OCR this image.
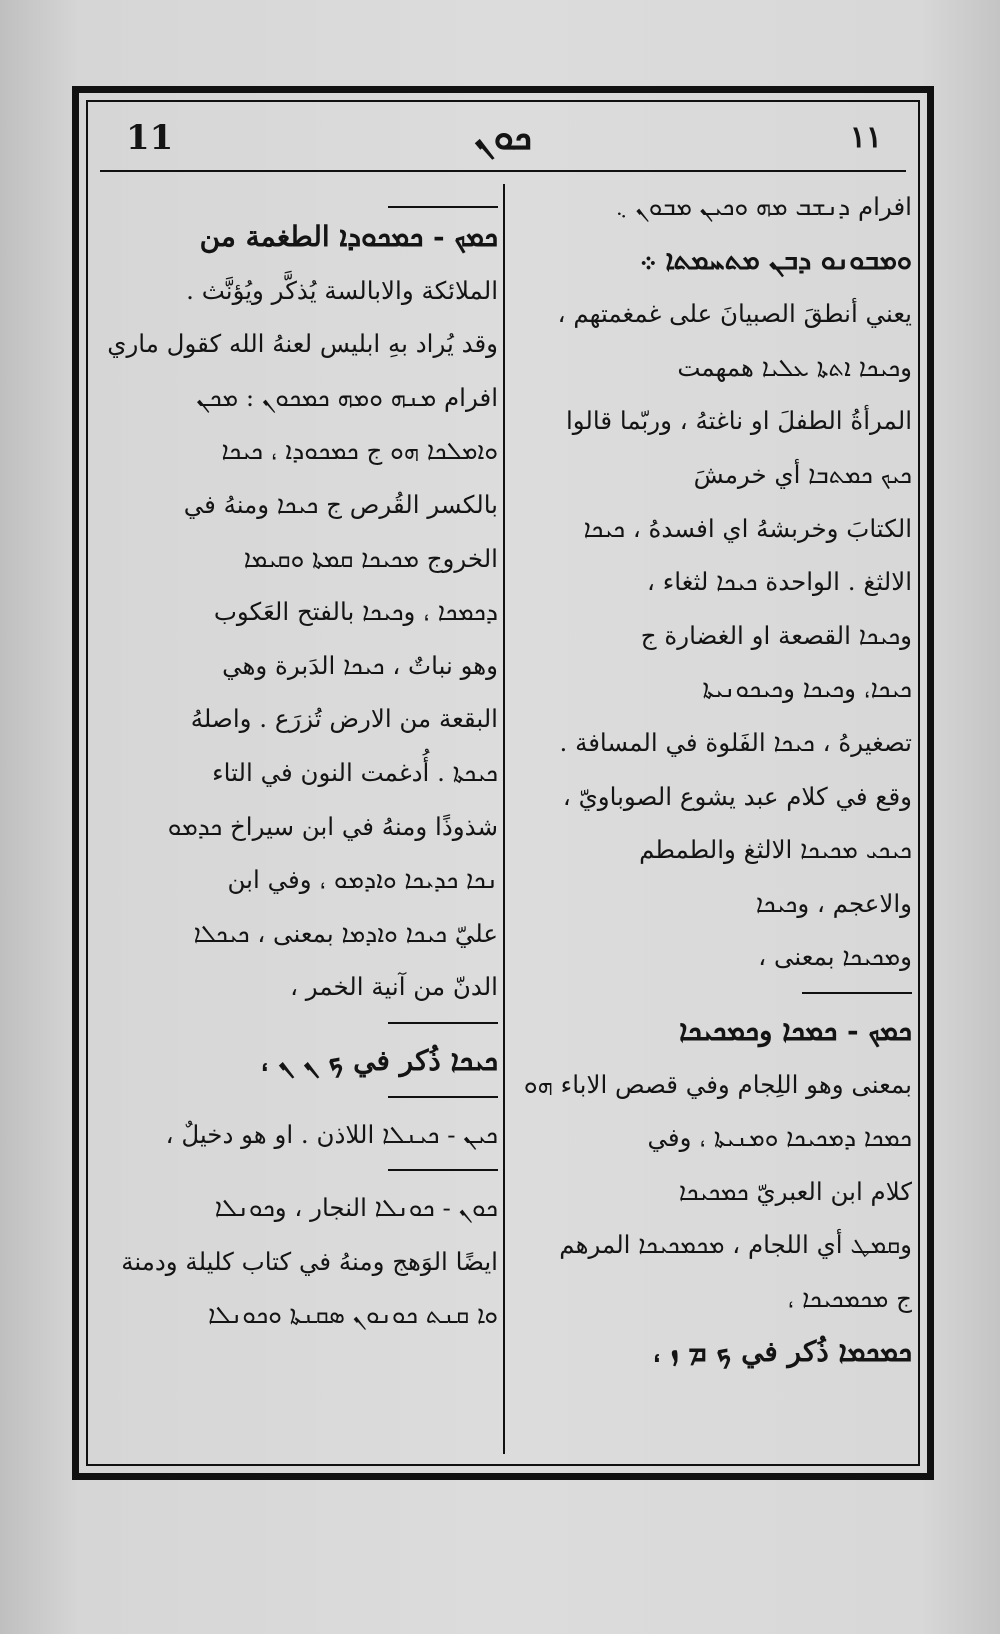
11	ܟܘܢ	١١
افرام ܕܢܫܒ ܡܗ ܘܟܝܢ ܡܒܘܢ ܆
ܘܡܒܘܢܘ ܕܒܢ ܡܬܚܡܬܐ ܀
يعني أنطقَ الصبيانَ على غمغمتهم ،
وܟܝܟܐ ܐܬܬܐ ܥܠܝܐ همهمت
المرأةُ الطفلَ او ناغتهُ ، وربّما قالوا
ܟܝܟ ܟܡܬܒܐ أي خرمشَ
الكتابَ وخربشهُ اي افسدهُ ، ܟܝܟܐ
الالثغ . الواحدة ܟܝܟܐ لثغاء ،
وܟܝܟܐ القصعة او الغضارة ج
ܟܝܟܐ، وܟܝܟܐ وܟܝܟܘܢܝܬܐ
تصغيرهُ ، ܟܝܟܐ الفَلوة في المسافة .
وقع في كلام عبد يشوع الصوباويّ ،
ܟܝܟܝ ܡܟܝܟܐ الالثغ والطمطم
والاعجم ، وܟܝܟܐ
وܡܟܝܟܐ بمعنى ،
ܟܡܟ - ܟܡܟܐ وܟܡܟܝܟܐ
بمعنى وهو اللِجام وفي قصص الاباء ܗܘ
ܟܡܟܐ ܕܡܟܝܟܐ ܘܡܢܝܬܐ ، وفي
كلام ابن العبريّ ܟܡܟܝܟܐ
وܩܡܛ أي اللجام ، ܡܟܡܟܝܟܐ المرهم
ج ܡܟܡܟܝܟܐ ،
ܟܡܟܡܐ ذُكر في ܟ ܡ ܙ ،
ܟܡܟ - ܟܡܟܘܕܐ الطغمة من
الملائكة والابالسة يُذكَّر ويُؤنَّث .
وقد يُراد بهِ ابليس لعنهُ الله كقول ماري
افرام ܡܢܗ ܘܡܗ ܟܡܟܘܢ : ܡܟܢ
ܘܐܡܠܟܐ ܗܘ ج ܟܡܟܘܕܐ ، ܟܝܟܐ
بالكسر القُرص ج ܟܝܟܐ ومنهُ في
الخروج ܡܟܝܟܐ ܩܡܬܐ ܘܩܝܡܐ
ܕܟܡܟܐ ، وܟܝܟܐ بالفتح العَكوب
وهو نباتٌ ، ܟܝܟܐ الدَبرة وهي
البقعة من الارض تُزرَع . واصلهُ
ܟܝܟܬܐ . أُدغمت النون في التاء
شذوذًا ومنهُ في ابن سيراخ ܟܕܡܘ
ܢܟܐ ܟܕܝܟܐ ܘܐܕܡܘ ، وفي ابن
عليّ ܟܝܟܐ ܘܐܕܡܐ بمعنى ، ܟܝܟܠܐ
الدنّ من آنية الخمر ،
ܟܝܟܐ ذُكر في ܟ ܢ ܢ ،
ܟܝܢ - ܟܝܢܠܐ اللاذن . او هو دخيلٌ ،
ܟܘܢ - ܟܘܢܠܐ النجار ، وܟܘܢܠܐ
ايضًا الوَهج ومنهُ في كتاب كليلة ودمنة
ܘܐ ܩܢܬ ܟܘܢܘܢ ܣܩܢܬܐ ܘܟܘܢܠܐ
